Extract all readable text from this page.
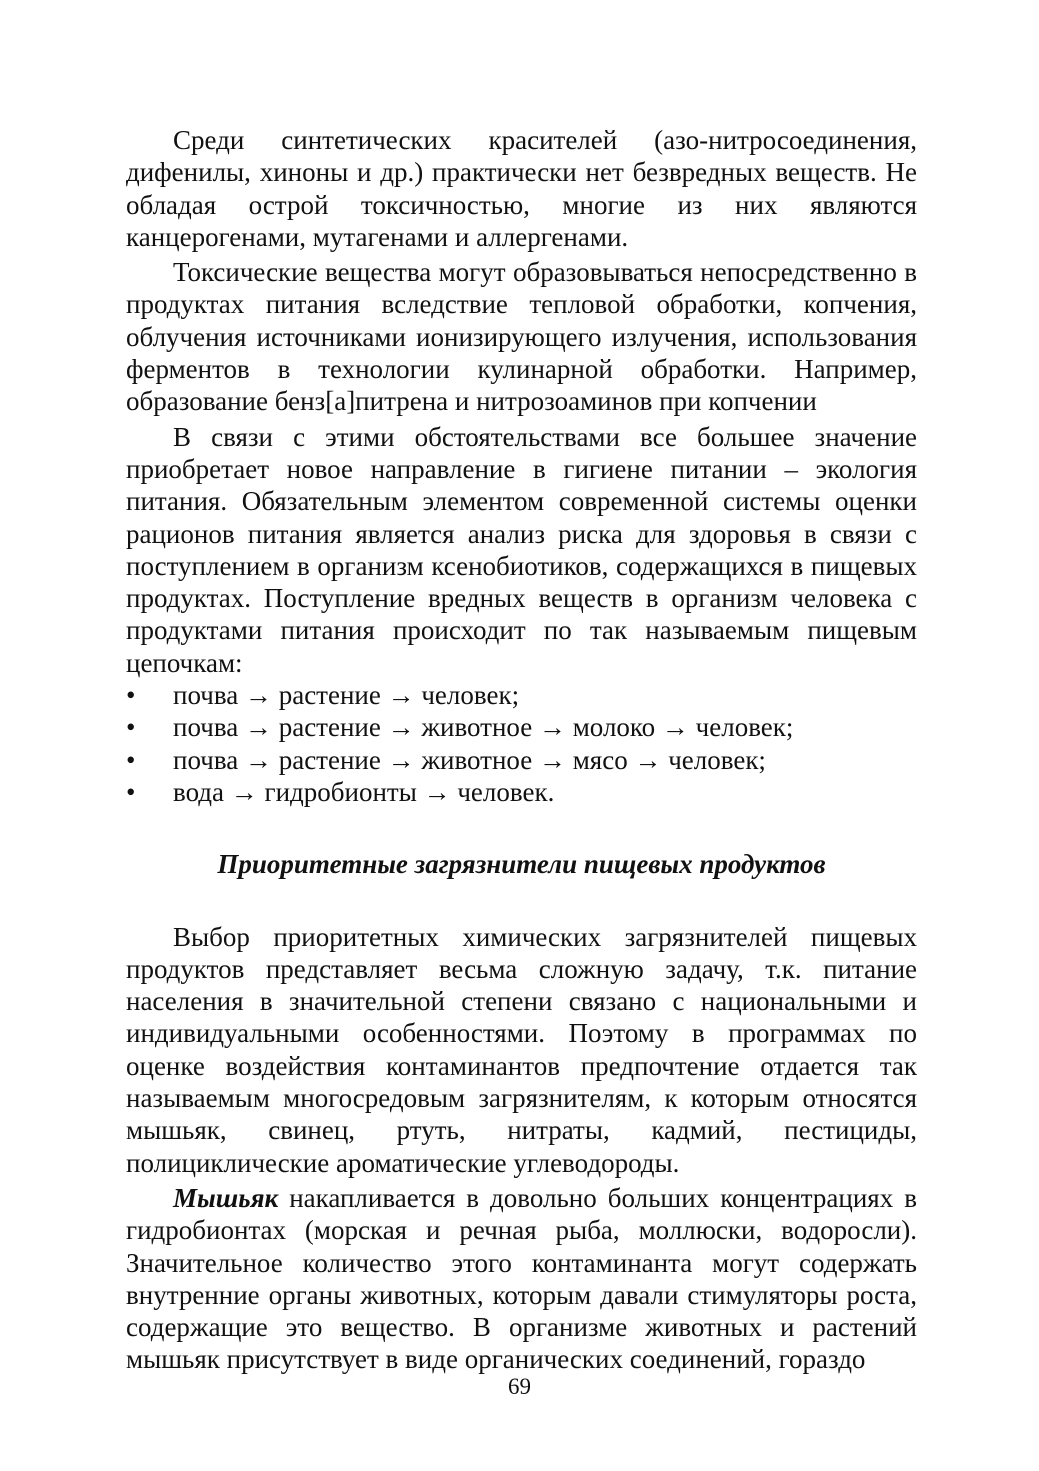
Среди синтетических красителей (азо-нитросоединения, дифенилы, хиноны и др.) практически нет безвредных веществ. Не обладая острой токсичностью, многие из них являются канцерогенами, мутагенами и аллергенами.

Токсические вещества могут образовываться непосредственно в продуктах питания вследствие тепловой обработки, копчения, облучения источниками ионизирующего излучения, использования ферментов в технологии кулинарной обработки. Например, образование бенз[а]питрена и нитрозоаминов при копчении

В связи с этими обстоятельствами все большее значение приобретает новое направление в гигиене питании – экология питания. Обязательным элементом современной системы оценки рационов питания является анализ риска для здоровья в связи с поступлением в организм ксенобиотиков, содержащихся в пищевых продуктах. Поступление вредных веществ в организм человека с продуктами питания происходит по так называемым пищевым цепочкам:

• почва → растение → человек;
• почва → растение → животное → молоко → человек;
• почва → растение → животное → мясо → человек;
• вода → гидробионты → человек.
Приоритетные загрязнители пищевых продуктов

Выбор приоритетных химических загрязнителей пищевых продуктов представляет весьма сложную задачу, т.к. питание населения в значительной степени связано с национальными и индивидуальными особенностями. Поэтому в программах по оценке воздействия контаминантов предпочтение отдается так называемым многосредовым загрязнителям, к которым относятся мышьяк, свинец, ртуть, нитраты, кадмий, пестициды, полициклические ароматические углеводороды.

Мышьяк накапливается в довольно больших концентрациях в гидробионтах (морская и речная рыба, моллюски, водоросли). Значительное количество этого контаминанта могут содержать внутренние органы животных, которым давали стимуляторы роста, содержащие это вещество. В организме животных и растений мышьяк присутствует в виде органических соединений, гораздо

69
